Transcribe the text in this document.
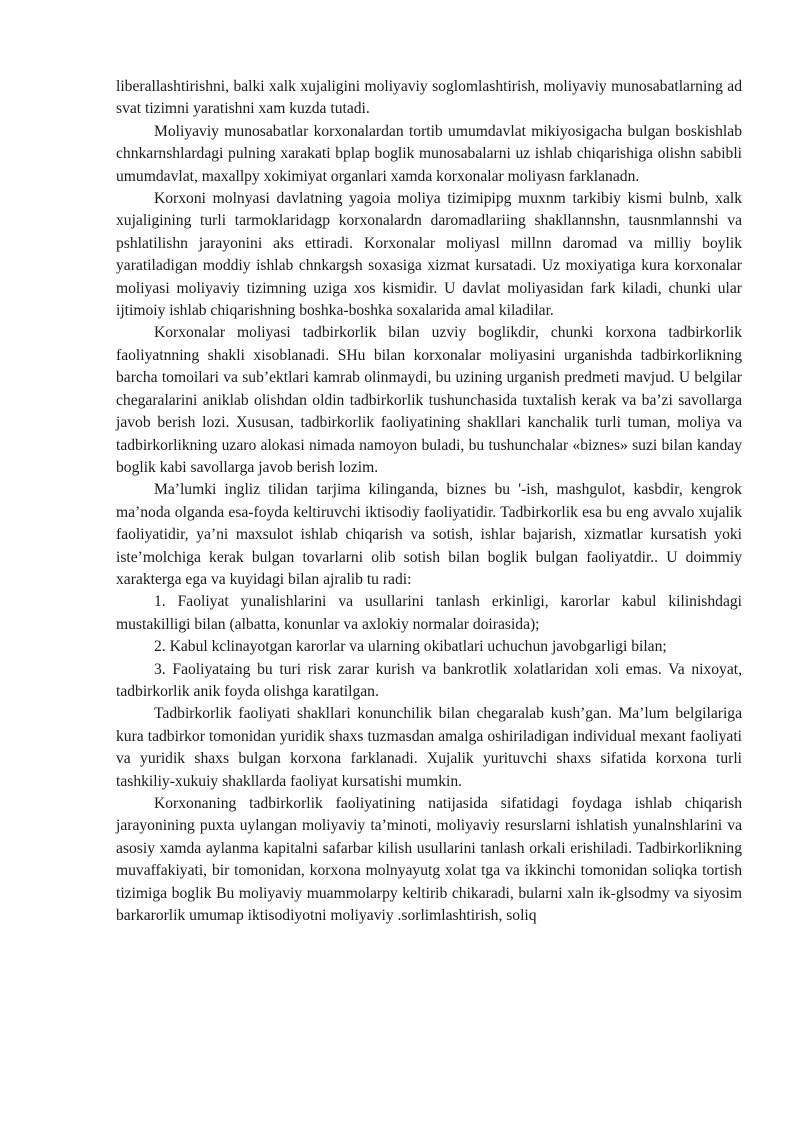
liberallashtirishni, balki xalk xujaligini moliyaviy soglomlashtirish, moliyaviy munosabatlarning ad svat tizimni yaratishni xam kuzda tutadi.

Moliyaviy munosabatlar korxonalardan tortib umumdavlat mikiyosigacha bulgan boskishlab chnkarnshlardagi pulning xarakati bplap boglik munosabalarni uz ishlab chiqarishiga olishn sabibli umumdavlat, maxallpy xokimiyat organlari xamda korxonalar moliyasn farklanadn.

Korxoni molnyasi davlatning yagoia moliya tizimipipg muxnm tarkibiy kismi bulnb, xalk xujaligining turli tarmoklaridagp korxonalardn daromadlariing shakllannshn, tausnmlannshi va pshlatilishn jarayonini aks ettiradi. Korxonalar moliyasl millnn daromad va milliy boylik yaratiladigan moddiy ishlab chnkargsh soxasiga xizmat kursatadi. Uz moxiyatiga kura korxonalar moliyasi moliyaviy tizimning uziga xos kismidir. U davlat moliyasidan fark kiladi, chunki ular ijtimoiy ishlab chiqarishning boshka-boshka soxalarida amal kiladilar.

Korxonalar moliyasi tadbirkorlik bilan uzviy boglikdir, chunki korxona tadbirkorlik faoliyatnning shakli xisoblanadi. SHu bilan korxonalar moliyasini urganishda tadbirkorlikning barcha tomoilari va sub’ektlari kamrab olinmaydi, bu uzining urganish predmeti mavjud. U belgilar chegaralarini aniklab olishdan oldin tadbirkorlik tushunchasida tuxtalish kerak va ba’zi savollarga javob berish lozi. Xususan, tadbirkorlik faoliyatining shakllari kanchalik turli tuman, moliya va tadbirkorlikning uzaro alokasi nimada namoyon buladi, bu tushunchalar «biznes» suzi bilan kanday boglik kabi savollarga javob berish lozim.

Ma’lumki ingliz tilidan tarjima kilinganda, biznes bu '-ish, mashgulot, kasbdir, kengrok ma’noda olganda esa-foyda keltiruvchi iktisodiy faoliyatidir. Tadbirkorlik esa bu eng avvalo xujalik faoliyatidir, ya’ni maxsulot ishlab chiqarish va sotish, ishlar bajarish, xizmatlar kursatish yoki iste’molchiga kerak bulgan tovarlarni olib sotish bilan boglik bulgan faoliyatdir.. U doimmiy xarakterga ega va kuyidagi bilan ajralib tu radi:

1. Faoliyat yunalishlarini va usullarini tanlash erkinligi, karorlar kabul kilinishdagi mustakilligi bilan (albatta, konunlar va axlokiy normalar doirasida);

2. Kabul kclinayotgan karorlar va ularning okibatlari uchuchun javobgarligi bilan;

3. Faoliyataing bu turi risk zarar kurish va bankrotlik xolatlaridan xoli emas. Va nixoyat, tadbirkorlik anik foyda olishga karatilgan.

Tadbirkorlik faoliyati shakllari konunchilik bilan chegaralab kush’gan. Ma’lum belgilariga kura tadbirkor tomonidan yuridik shaxs tuzmasdan amalga oshiriladigan individual mexant faoliyati va yuridik shaxs bulgan korxona farklanadi. Xujalik yurituvchi shaxs sifatida korxona turli tashkiliy-xukuiy shakllarda faoliyat kursatishi mumkin.

Korxonaning tadbirkorlik faoliyatining natijasida sifatidagi foydaga ishlab chiqarish jarayonining puxta uylangan moliyaviy ta’minoti, moliyaviy resurslarni ishlatish yunalnshlarini va asosiy xamda aylanma kapitalni safarbar kilish usullarini tanlash orkali erishiladi. Tadbirkorlikning muvaffakiyati, bir tomonidan, korxona molnyayutg xolat tga va ikkinchi tomonidan soliqka tortish tizimiga boglik Bu moliyaviy muammolarpy keltirib chikaradi, bularni xaln ik-glsodmy va siyosim barkarorlik umumap iktisodiyotni moliyaviy .sorlimlashtirish, soliq
